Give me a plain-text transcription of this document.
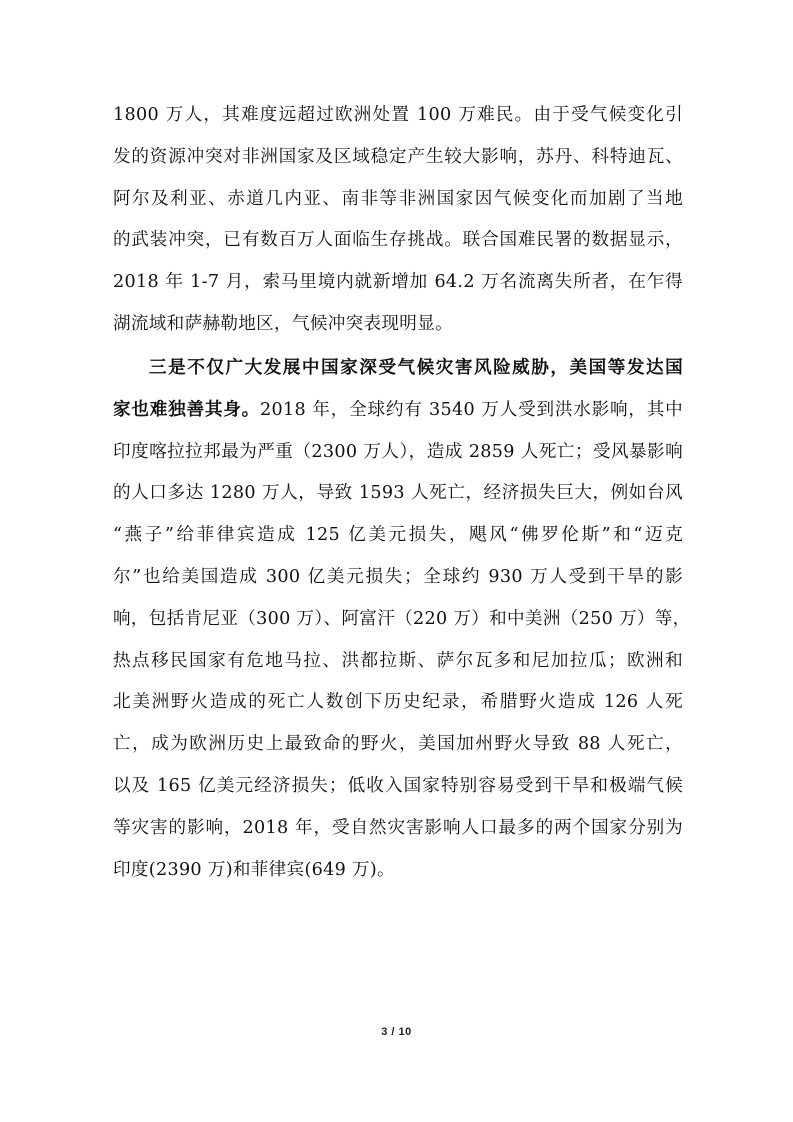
1800 万人，其难度远超过欧洲处置 100 万难民。由于受气候变化引
发的资源冲突对非洲国家及区域稳定产生较大影响，苏丹、科特迪瓦、
阿尔及利亚、赤道几内亚、南非等非洲国家因气候变化而加剧了当地
的武装冲突，已有数百万人面临生存挑战。联合国难民署的数据显示，
2018 年 1-7 月，索马里境内就新增加 64.2 万名流离失所者，在乍得
湖流域和萨赫勒地区，气候冲突表现明显。
三是不仅广大发展中国家深受气候灾害风险威胁，美国等发达国
家也难独善其身。2018 年，全球约有 3540 万人受到洪水影响，其中
印度喀拉拉邦最为严重（2300 万人），造成 2859 人死亡；受风暴影响
的人口多达 1280 万人，导致 1593 人死亡，经济损失巨大，例如台风
“燕子”给菲律宾造成 125 亿美元损失，飓风“佛罗伦斯”和“迈克
尔”也给美国造成 300 亿美元损失；全球约 930 万人受到干旱的影
响，包括肯尼亚（300 万）、阿富汗（220 万）和中美洲（250 万）等，
热点移民国家有危地马拉、洪都拉斯、萨尔瓦多和尼加拉瓜；欧洲和
北美洲野火造成的死亡人数创下历史纪录，希腊野火造成 126 人死
亡，成为欧洲历史上最致命的野火，美国加州野火导致 88 人死亡，
以及 165 亿美元经济损失；低收入国家特别容易受到干旱和极端气候
等灾害的影响，2018 年，受自然灾害影响人口最多的两个国家分别为
印度(2390 万)和菲律宾(649 万)。
3 / 10
